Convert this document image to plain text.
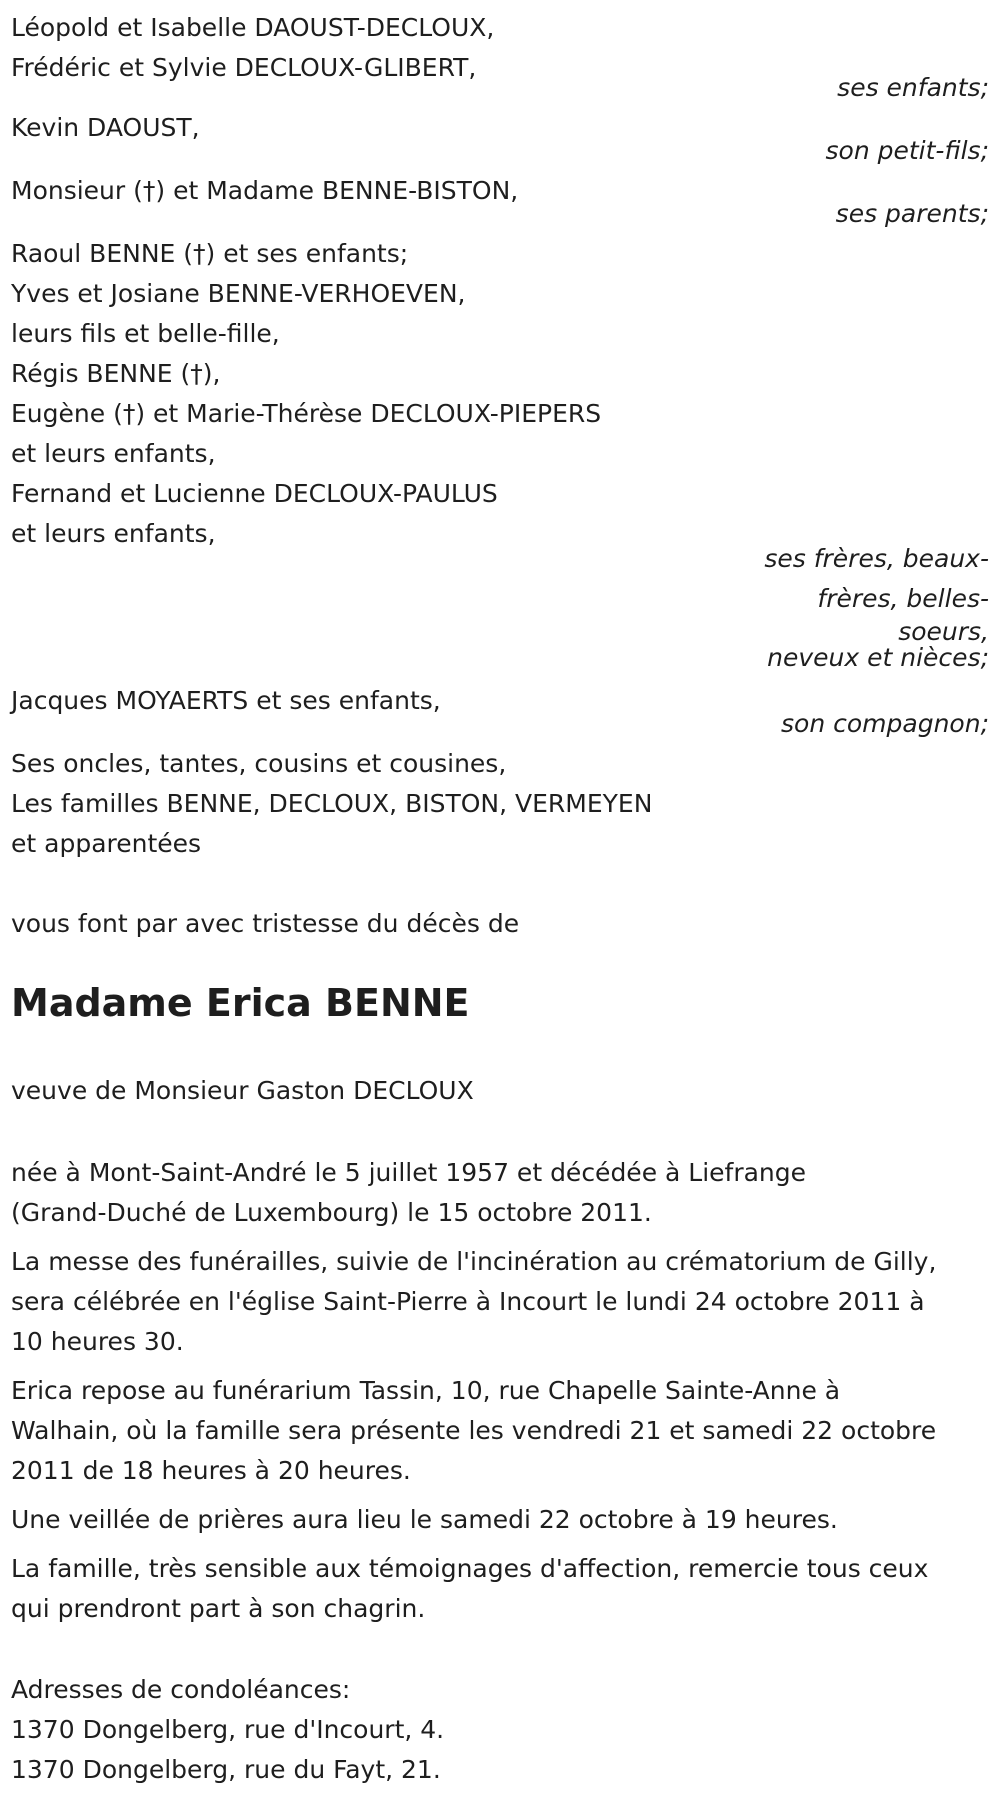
Léopold et Isabelle DAOUST-DECLOUX,
Frédéric et Sylvie DECLOUX-GLIBERT,
ses enfants;
Kevin DAOUST,
son petit-fils;
Monsieur (†) et Madame BENNE-BISTON,
ses parents;
Raoul BENNE (†) et ses enfants;
Yves et Josiane BENNE-VERHOEVEN,
leurs fils et belle-fille,
Régis BENNE (†),
Eugène (†) et Marie-Thérèse DECLOUX-PIEPERS
et leurs enfants,
Fernand et Lucienne DECLOUX-PAULUS
et leurs enfants,
ses frères, beaux-
frères, belles-
soeurs,
neveux et nièces;
Jacques MOYAERTS et ses enfants,
son compagnon;
Ses oncles, tantes, cousins et cousines,
Les familles BENNE, DECLOUX, BISTON, VERMEYEN
et apparentées
vous font par avec tristesse du décès de
Madame Erica BENNE
veuve de Monsieur Gaston DECLOUX
née à Mont-Saint-André le 5 juillet 1957 et décédée à Liefrange
(Grand-Duché de Luxembourg) le 15 octobre 2011.
La messe des funérailles, suivie de l'incinération au crématorium de Gilly,
sera célébrée en l'église Saint-Pierre à Incourt le lundi 24 octobre 2011 à
10 heures 30.
Erica repose au funérarium Tassin, 10, rue Chapelle Sainte-Anne à
Walhain, où la famille sera présente les vendredi 21 et samedi 22 octobre
2011 de 18 heures à 20 heures.
Une veillée de prières aura lieu le samedi 22 octobre à 19 heures.
La famille, très sensible aux témoignages d'affection, remercie tous ceux
qui prendront part à son chagrin.
Adresses de condoléances:
1370 Dongelberg, rue d'Incourt, 4.
1370 Dongelberg, rue du Fayt, 21.
